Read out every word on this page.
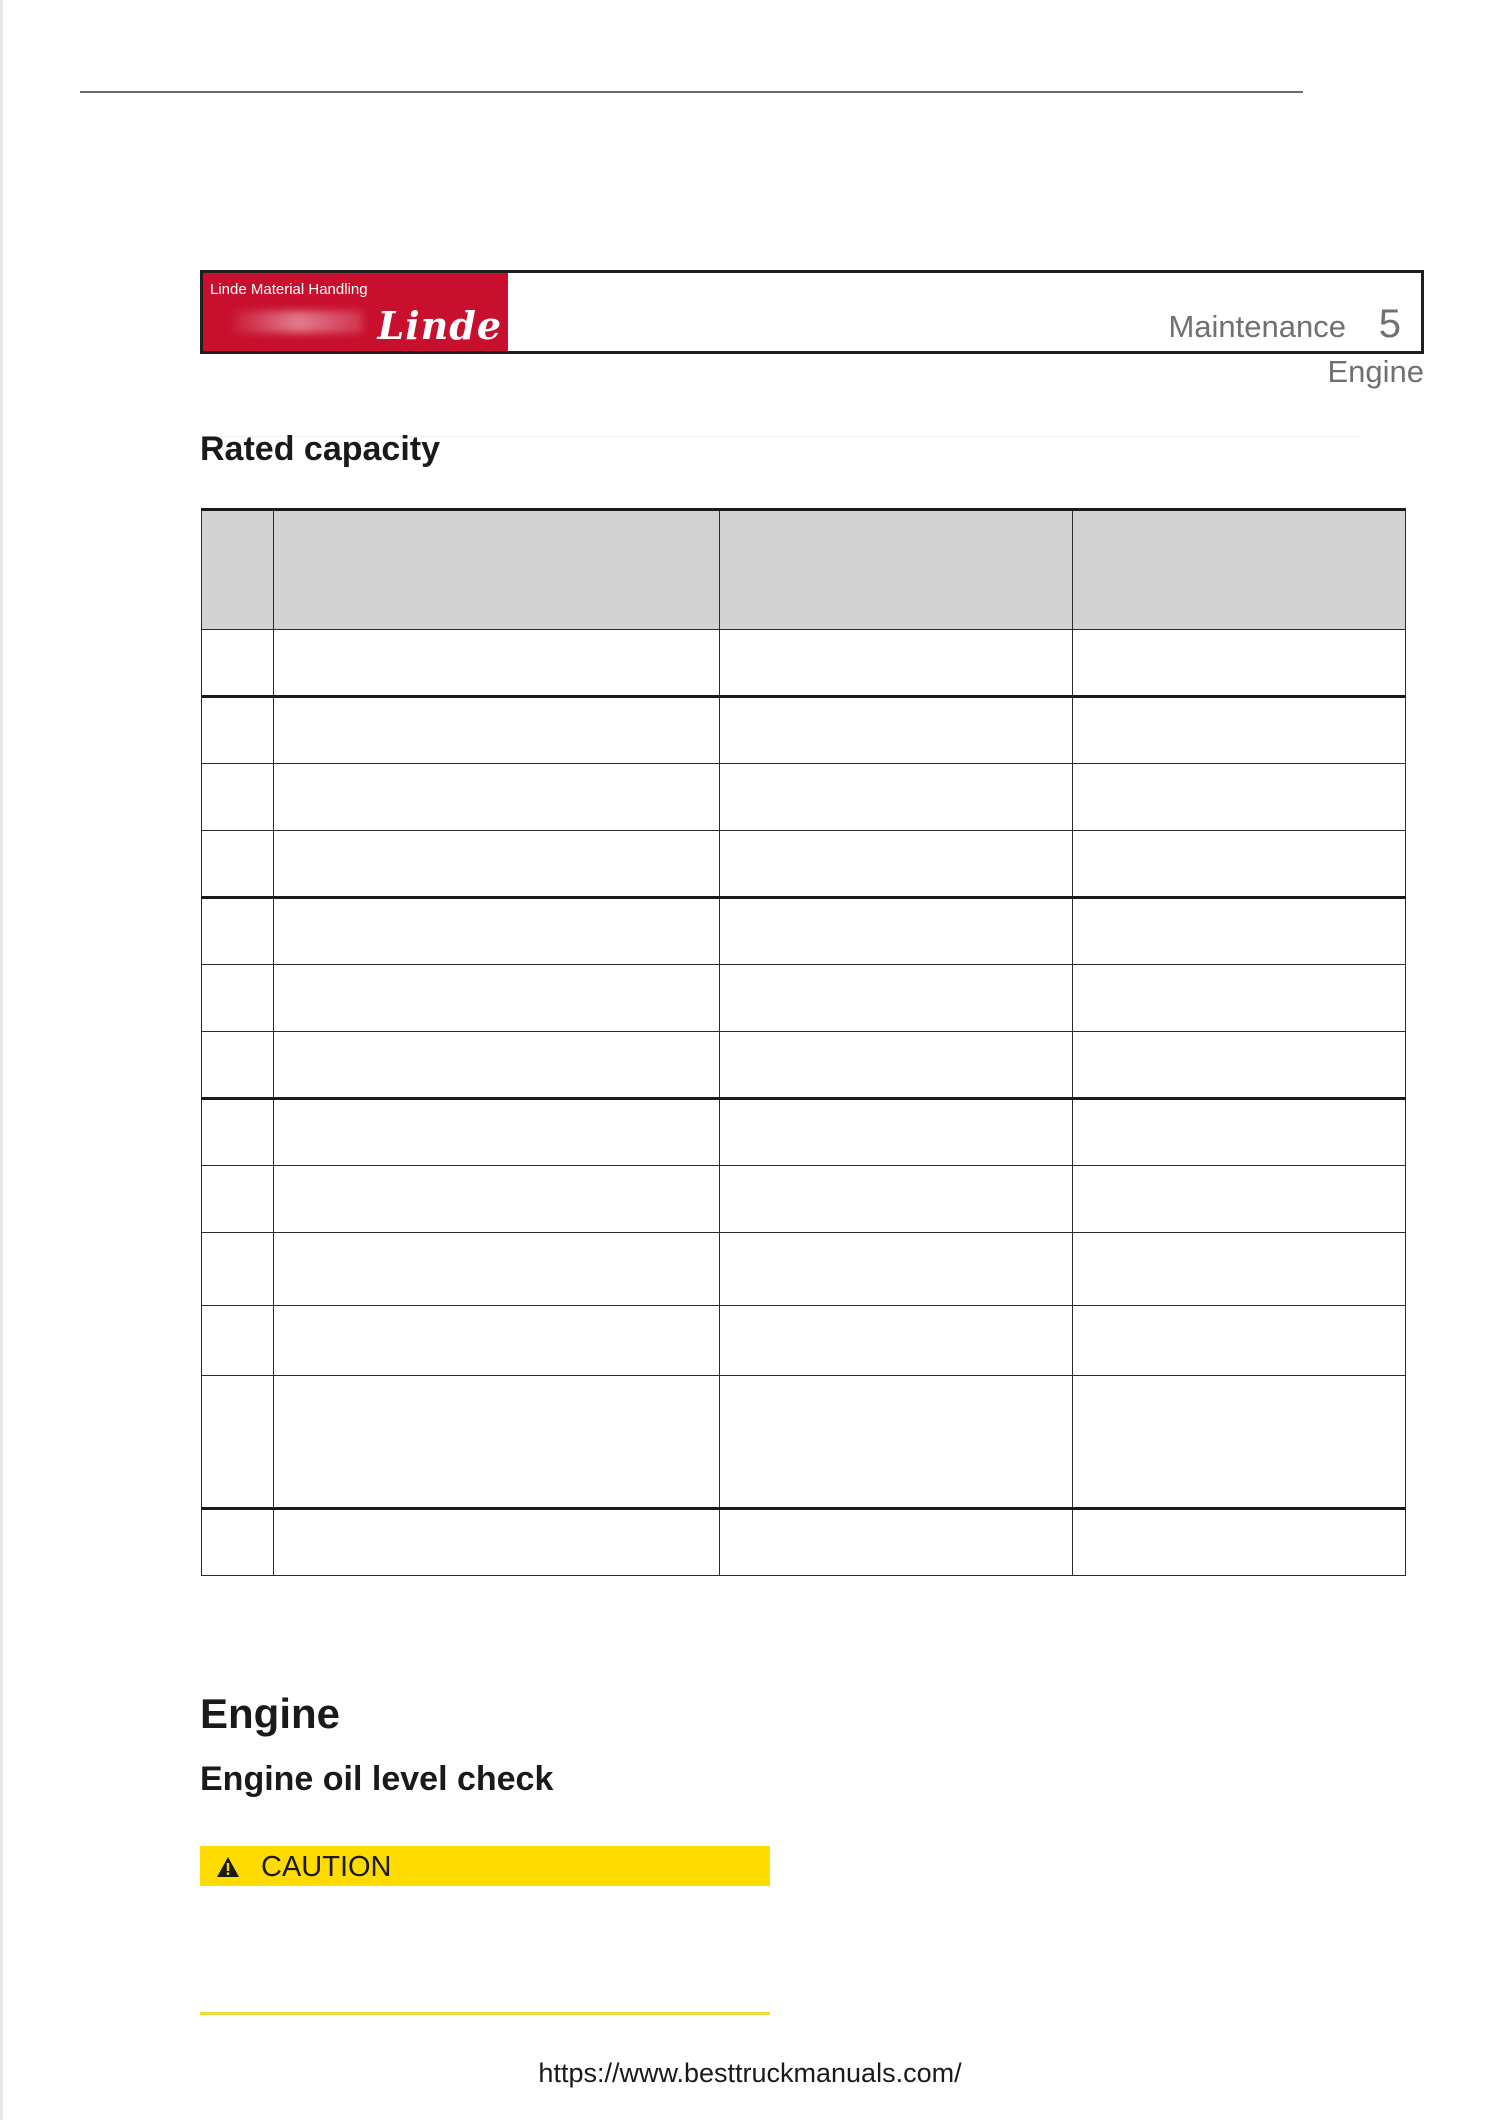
Linde Material Handling
Linde	Maintenance 5
Engine
Rated capacity

Engine
Engine oil level check
CAUTION
https://www.besttruckmanuals.com/
